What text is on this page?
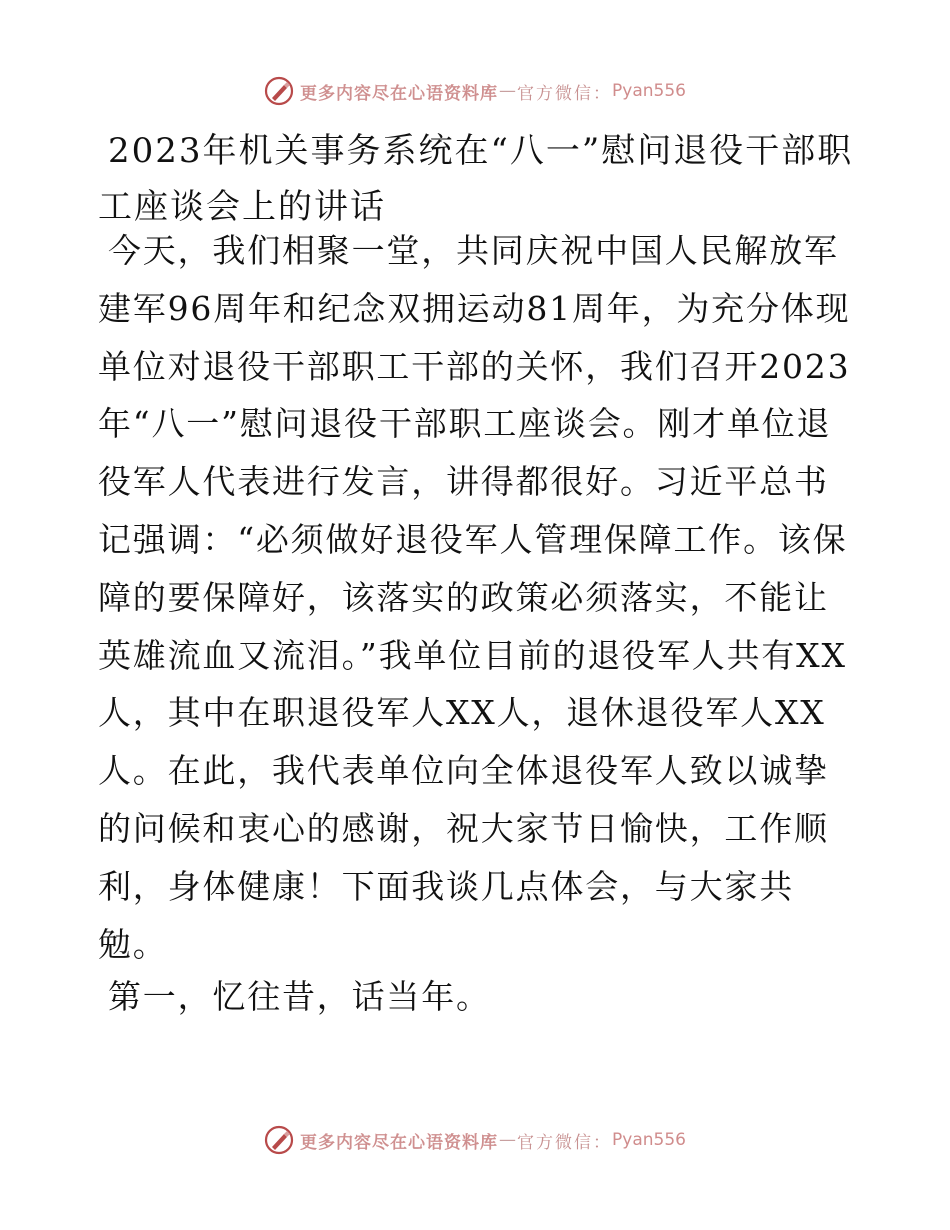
更多内容尽在心语资料库 — 官方微信： Pyan556
2023年机关事务系统在“八一”慰问退役干部职工座谈会上的讲话

今天，我们相聚一堂，共同庆祝中国人民解放军建军96周年和纪念双拥运动81周年，为充分体现单位对退役干部职工干部的关怀，我们召开2023年“八一”慰问退役干部职工座谈会。刚才单位退役军人代表进行发言，讲得都很好。习近平总书记强调：“必须做好退役军人管理保障工作。该保障的要保障好，该落实的政策必须落实，不能让英雄流血又流泪。”我单位目前的退役军人共有XX人，其中在职退役军人XX人，退休退役军人XX人。在此，我代表单位向全体退役军人致以诚挚的问候和衷心的感谢，祝大家节日愉快，工作顺利，身体健康！下面我谈几点体会，与大家共勉。

第一，忆往昔，话当年。

更多内容尽在心语资料库 — 官方微信： Pyan556
